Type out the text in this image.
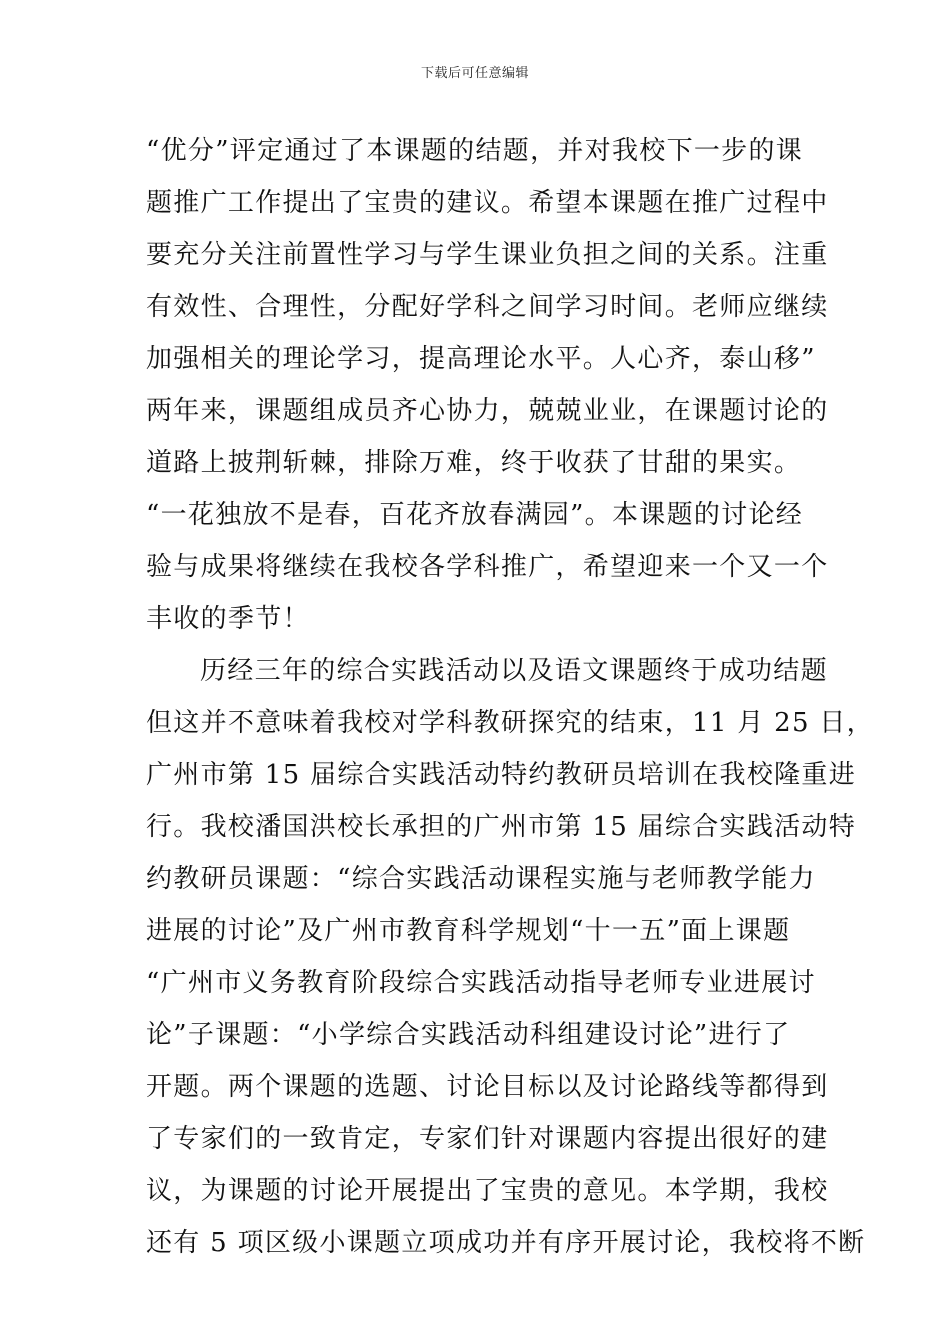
下载后可任意编辑
“优分”评定通过了本课题的结题，并对我校下一步的课
题推广工作提出了宝贵的建议。希望本课题在推广过程中
要充分关注前置性学习与学生课业负担之间的关系。注重
有效性、合理性，分配好学科之间学习时间。老师应继续
加强相关的理论学习，提高理论水平。人心齐，泰山移”
两年来，课题组成员齐心协力，兢兢业业，在课题讨论的
道路上披荆斩棘，排除万难，终于收获了甘甜的果实。
“一花独放不是春，百花齐放春满园”。本课题的讨论经
验与成果将继续在我校各学科推广，希望迎来一个又一个
丰收的季节！
历经三年的综合实践活动以及语文课题终于成功结题
但这并不意味着我校对学科教研探究的结束，11 月 25 日，
广州市第 15 届综合实践活动特约教研员培训在我校隆重进
行。我校潘国洪校长承担的广州市第 15 届综合实践活动特
约教研员课题：“综合实践活动课程实施与老师教学能力
进展的讨论”及广州市教育科学规划“十一五”面上课题
“广州市义务教育阶段综合实践活动指导老师专业进展讨
论”子课题：“小学综合实践活动科组建设讨论”进行了
开题。两个课题的选题、讨论目标以及讨论路线等都得到
了专家们的一致肯定，专家们针对课题内容提出很好的建
议，为课题的讨论开展提出了宝贵的意见。本学期，我校
还有 5 项区级小课题立项成功并有序开展讨论，我校将不断
